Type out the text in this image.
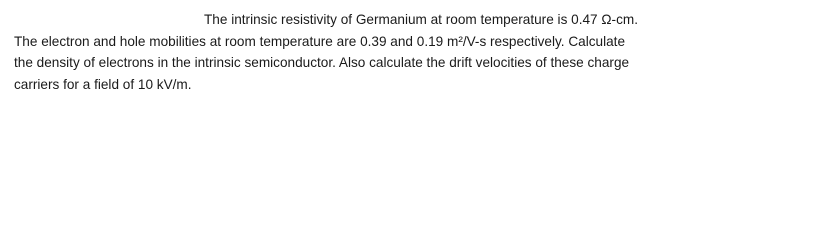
The intrinsic resistivity of Germanium at room temperature is 0.47 Ω-cm.
The electron and hole mobilities at room temperature are 0.39 and 0.19 m²/V-s respectively. Calculate
the density of electrons in the intrinsic semiconductor. Also calculate the drift velocities of these charge
carriers for a field of 10 kV/m.
